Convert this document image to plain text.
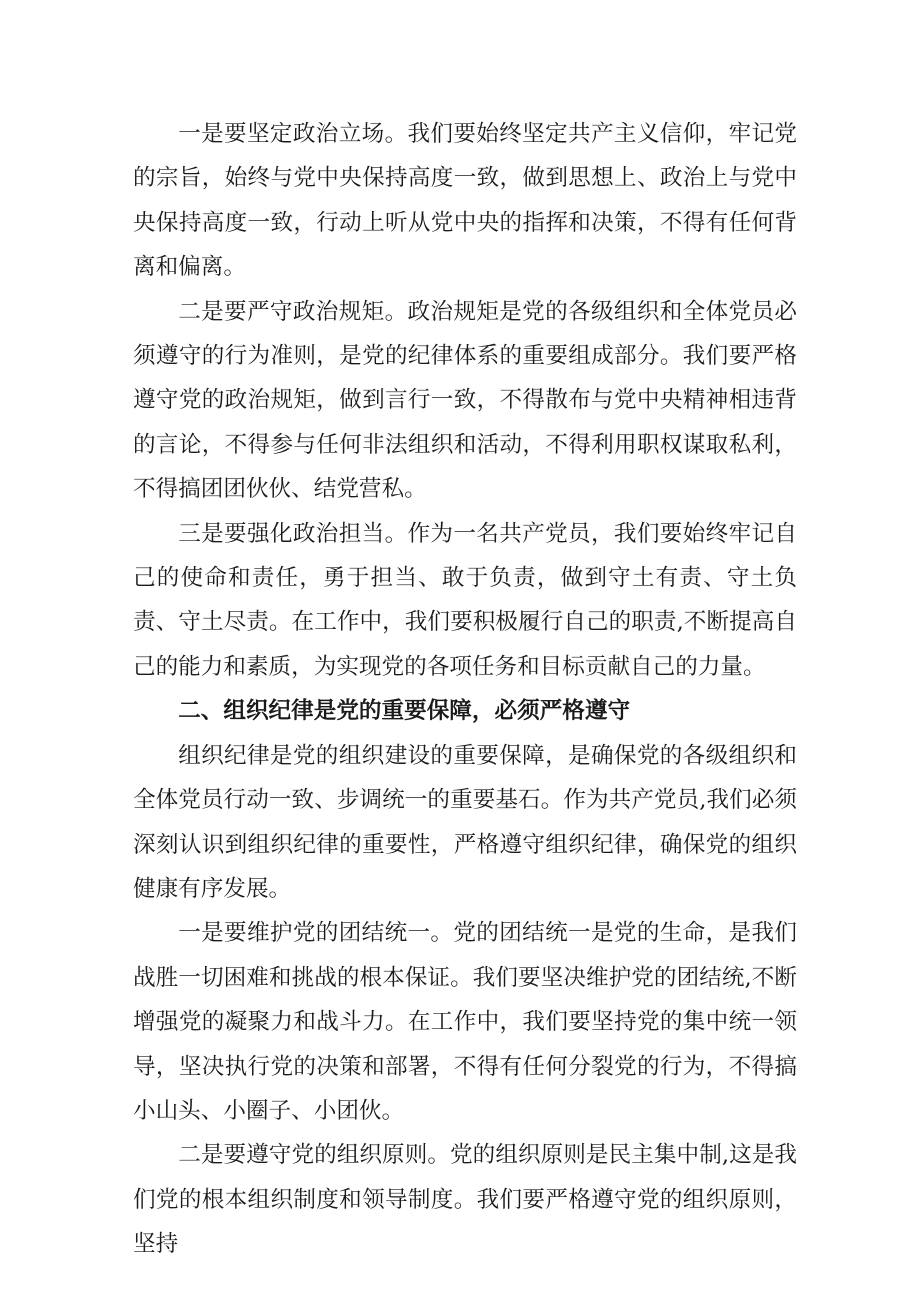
一是要坚定政治立场。我们要始终坚定共产主义信仰，牢记党的宗旨，始终与党中央保持高度一致，做到思想上、政治上与党中央保持高度一致，行动上听从党中央的指挥和决策，不得有任何背离和偏离。

二是要严守政治规矩。政治规矩是党的各级组织和全体党员必须遵守的行为准则，是党的纪律体系的重要组成部分。我们要严格遵守党的政治规矩，做到言行一致，不得散布与党中央精神相违背的言论，不得参与任何非法组织和活动，不得利用职权谋取私利，不得搞团团伙伙、结党营私。

三是要强化政治担当。作为一名共产党员，我们要始终牢记自己的使命和责任，勇于担当、敢于负责，做到守土有责、守土负责、守土尽责。在工作中，我们要积极履行自己的职责,不断提高自己的能力和素质，为实现党的各项任务和目标贡献自己的力量。

二、组织纪律是党的重要保障，必须严格遵守

组织纪律是党的组织建设的重要保障，是确保党的各级组织和全体党员行动一致、步调统一的重要基石。作为共产党员,我们必须深刻认识到组织纪律的重要性，严格遵守组织纪律，确保党的组织健康有序发展。

一是要维护党的团结统一。党的团结统一是党的生命，是我们战胜一切困难和挑战的根本保证。我们要坚决维护党的团结统,不断增强党的凝聚力和战斗力。在工作中，我们要坚持党的集中统一领导，坚决执行党的决策和部署，不得有任何分裂党的行为，不得搞小山头、小圈子、小团伙。

二是要遵守党的组织原则。党的组织原则是民主集中制,这是我们党的根本组织制度和领导制度。我们要严格遵守党的组织原则，坚持
